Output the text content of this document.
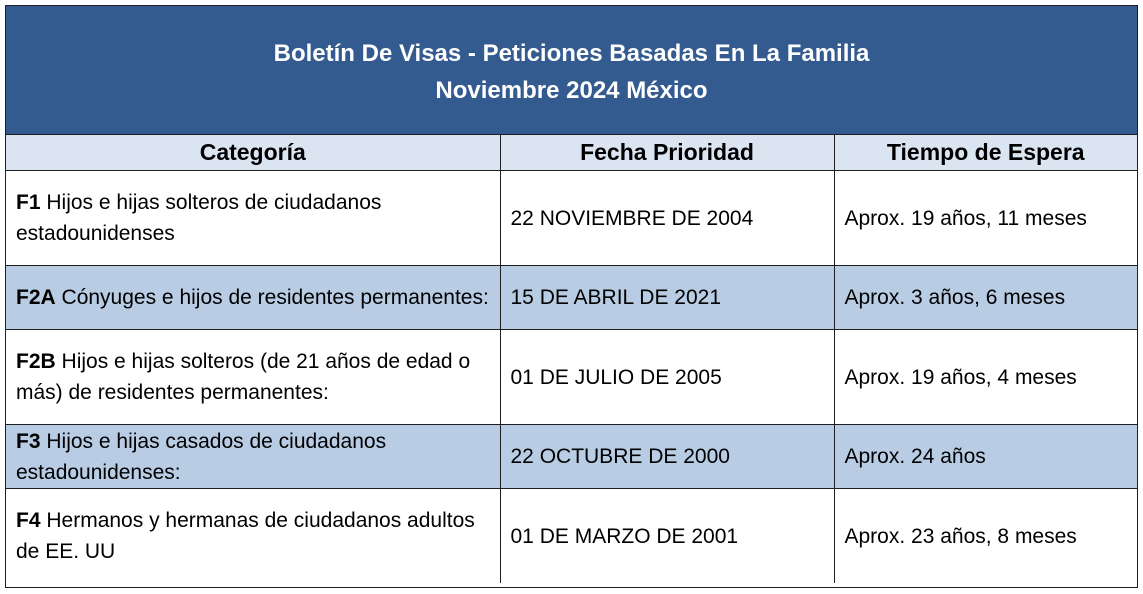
Boletín De Visas - Peticiones Basadas En La Familia
Noviembre 2024 México
Categoría	Fecha Prioridad	Tiempo de Espera
F1 Hijos e hijas solteros de ciudadanos estadounidenses	22 NOVIEMBRE DE 2004	Aprox. 19 años, 11 meses
F2A Cónyuges e hijos de residentes permanentes:	15 DE ABRIL DE 2021	Aprox. 3 años, 6 meses
F2B Hijos e hijas solteros (de 21 años de edad o más) de residentes permanentes:	01 DE JULIO DE 2005	Aprox. 19 años, 4 meses
F3 Hijos e hijas casados de ciudadanos estadounidenses:	22 OCTUBRE DE 2000	Aprox. 24 años
F4 Hermanos y hermanas de ciudadanos adultos de EE. UU	01 DE MARZO DE 2001	Aprox. 23 años, 8 meses
